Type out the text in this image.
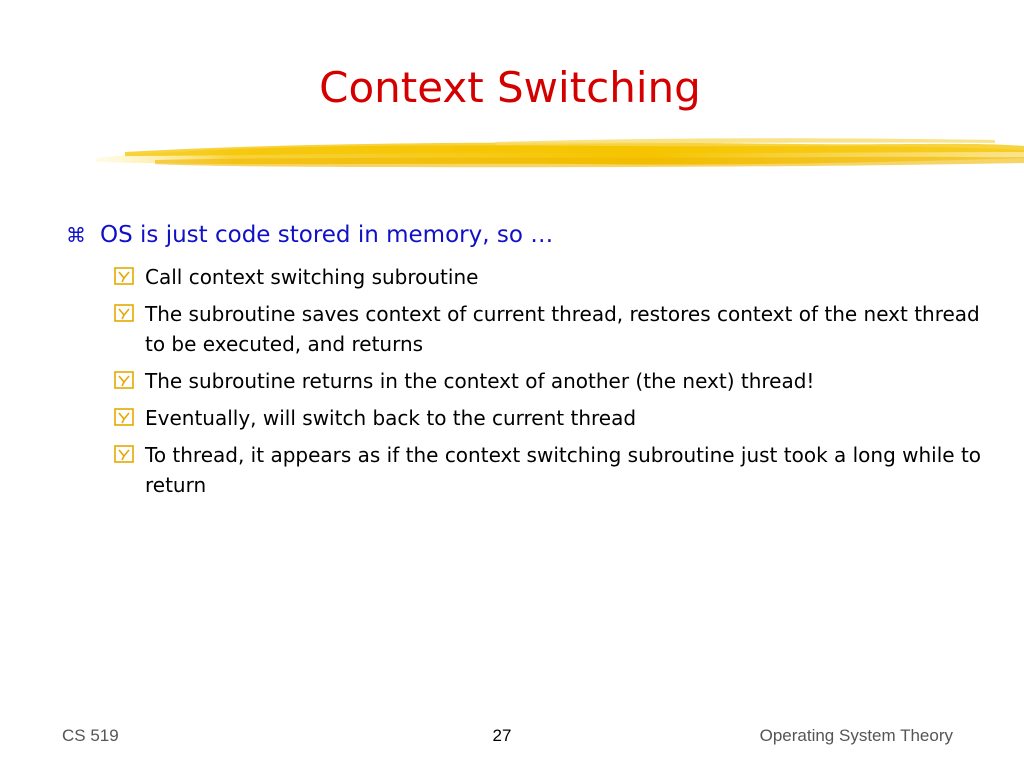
Context Switching
⌘ OS is just code stored in memory, so …
Call context switching subroutine
The subroutine saves context of current thread, restores context of the next thread to be executed, and returns
The subroutine returns in the context of another (the next) thread!
Eventually, will switch back to the current thread
To thread, it appears as if the context switching subroutine just took a long while to return
CS 519	27	Operating System Theory
